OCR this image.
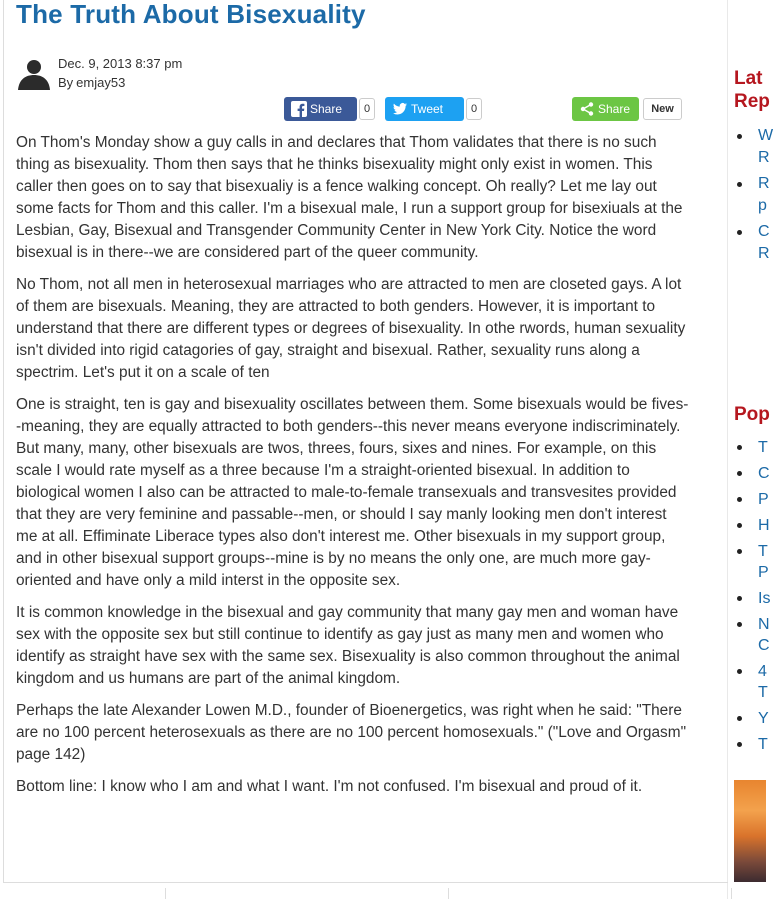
The Truth About Bisexuality
Dec. 9, 2013 8:37 pm
By emjay53
Share	0	Tweet	0	Share	New

On Thom's Monday show a guy calls in and declares that Thom validates that there is no such thing as bisexuality. Thom then says that he thinks bisexuality might only exist in women. This caller then goes on to say that bisexualiy is a fence walking concept. Oh really? Let me lay out some facts for Thom and this caller. I'm a bisexual male, I run a support group for bisexiuals at the Lesbian, Gay, Bisexual and Transgender Community Center in New York City. Notice the word bisexual is in there--we are considered part of the queer community.

No Thom, not all men in heterosexual marriages who are attracted to men are closeted gays. A lot of them are bisexuals. Meaning, they are attracted to both genders. However, it is important to understand that there are different types or degrees of bisexuality. In othe rwords, human sexuality isn't divided into rigid catagories of gay, straight and bisexual. Rather, sexuality runs along a spectrim. Let's put it on a scale of ten

One is straight, ten is gay and bisexuality oscillates between them. Some bisexuals would be fives--meaning, they are equally attracted to both genders--this never means everyone indiscriminately. But many, many, other bisexuals are twos, threes, fours, sixes and nines. For example, on this scale I would rate myself as a three because I'm a straight-oriented bisexual. In addition to biological women I also can be attracted to male-to-female transexuals and transvesites provided that they are very feminine and passable--men, or should I say manly looking men don't interest me at all. Effiminate Liberace types also don't interest me. Other bisexuals in my support group, and in other bisexual support groups--mine is by no means the only one, are much more gay-oriented and have only a mild interst in the opposite sex.

It is common knowledge in the bisexual and gay community that many gay men and woman have sex with the opposite sex but still continue to identify as gay just as many men and women who identify as straight have sex with the same sex. Bisexuality is also common throughout the animal kingdom and us humans are part of the animal kingdom.

Perhaps the late Alexander Lowen M.D., founder of Bioenergetics, was right when he said: "There are no 100 percent heterosexuals as there are no 100 percent homosexuals." ("Love and Orgasm" page 142)

Bottom line: I know who I am and what I want. I'm not confused. I'm bisexual and proud of it.

Lat
Rep
W
R
R
p
C
R
Pop
T
C
P
H
T
P
Is
N
C
4
T
Y
T
